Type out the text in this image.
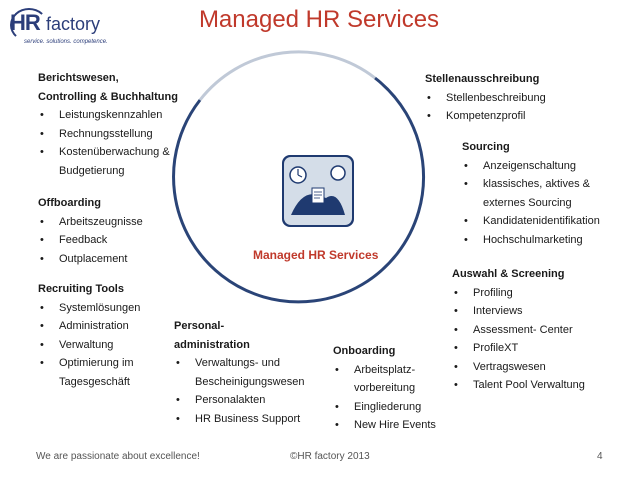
HR factory
service. solutions. competence.
Managed HR Services
Managed HR Services
Berichtswesen,
Controlling & Buchhaltung
• Leistungskennzahlen
• Rechnungsstellung
• Kostenüberwachung &
Budgetierung
Offboarding
• Arbeitszeugnisse
• Feedback
• Outplacement
Recruiting Tools
• Systemlösungen
• Administration
• Verwaltung
• Optimierung im
Tagesgeschäft
Personal-
administration
• Verwaltungs- und
Bescheinigungswesen
• Personalakten
• HR Business Support
Onboarding
• Arbeitsplatz-
vorbereitung
• Eingliederung
• New Hire Events
Stellenausschreibung
• Stellenbeschreibung
• Kompetenzprofil
Sourcing
• Anzeigenschaltung
• klassisches, aktives &
externes Sourcing
• Kandidatenidentifikation
• Hochschulmarketing
Auswahl & Screening
• Profiling
• Interviews
• Assessment- Center
• ProfileXT
• Vertragswesen
• Talent Pool Verwaltung
We are passionate about excellence!	©HR factory 2013	4
